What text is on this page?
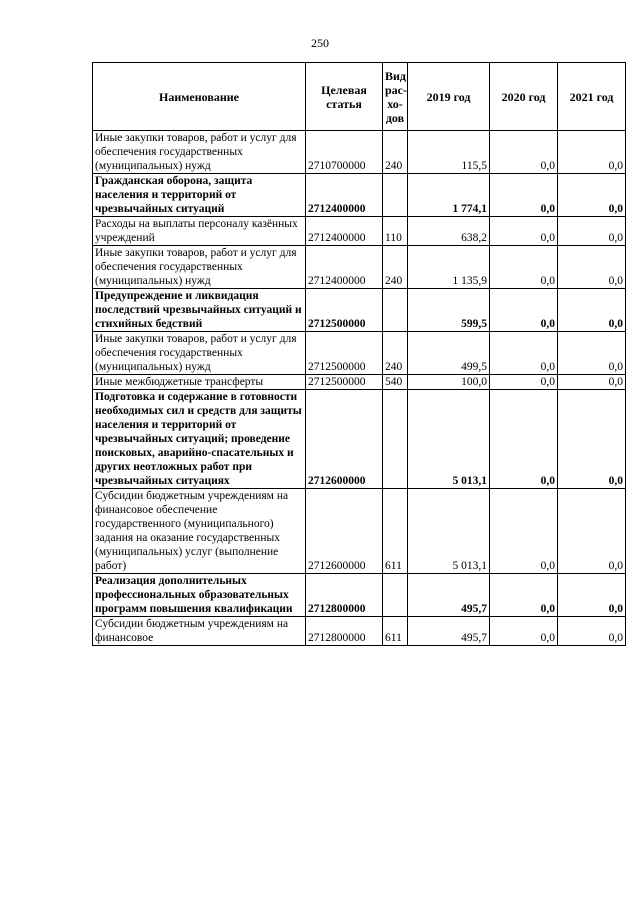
250
Наименование	Целевая статья	Вид рас-хо-дов	2019 год	2020 год	2021 год
Иные закупки товаров, работ и услуг для обеспечения государственных (муниципальных) нужд	2710700000	240	115,5	0,0	0,0
Гражданская оборона, защита населения и территорий от чрезвычайных ситуаций	2712400000		1 774,1	0,0	0,0
Расходы на выплаты персоналу казённых учреждений	2712400000	110	638,2	0,0	0,0
Иные закупки товаров, работ и услуг для обеспечения государственных (муниципальных) нужд	2712400000	240	1 135,9	0,0	0,0
Предупреждение и ликвидация последствий чрезвычайных ситуаций и стихийных бедствий	2712500000		599,5	0,0	0,0
Иные закупки товаров, работ и услуг для обеспечения государственных (муниципальных) нужд	2712500000	240	499,5	0,0	0,0
Иные межбюджетные трансферты	2712500000	540	100,0	0,0	0,0
Подготовка и содержание в готовности необходимых сил и средств для защиты населения и территорий от чрезвычайных ситуаций; проведение поисковых, аварийно-спасательных и других неотложных работ при чрезвычайных ситуациях	2712600000		5 013,1	0,0	0,0
Субсидии бюджетным учреждениям на финансовое обеспечение государственного (муниципального) задания на оказание государственных (муниципальных) услуг (выполнение работ)	2712600000	611	5 013,1	0,0	0,0
Реализация дополнительных профессиональных образовательных программ повышения квалификации	2712800000		495,7	0,0	0,0
Субсидии бюджетным учреждениям на финансовое	2712800000	611	495,7	0,0	0,0
